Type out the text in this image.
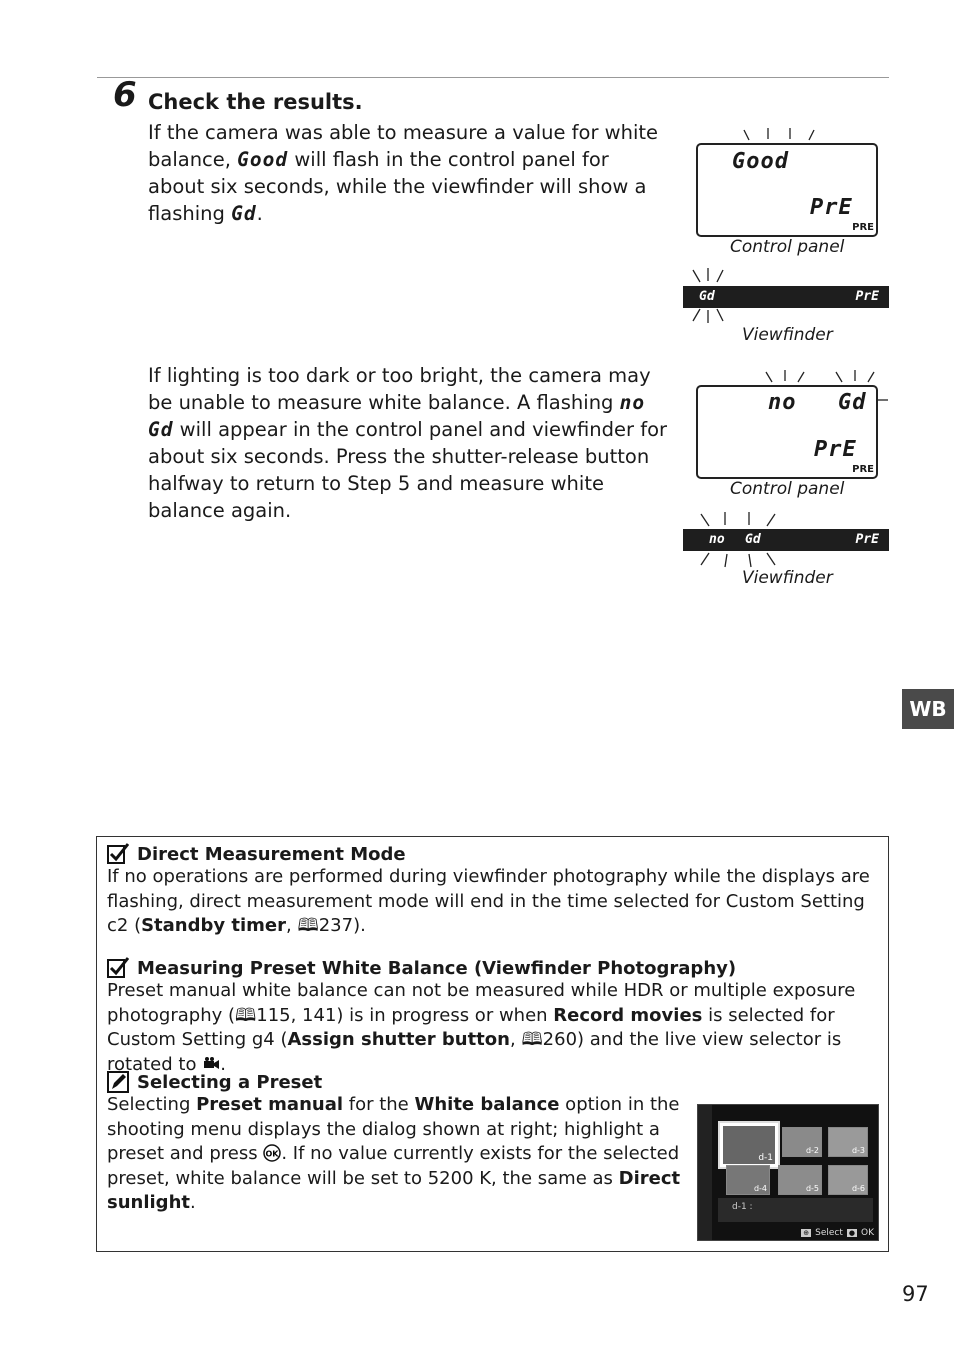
6 Check the results.
If the camera was able to measure a value for white balance, Good will flash in the control panel for about six seconds, while the viewfinder will show a flashing Gd.
If lighting is too dark or too bright, the camera may be unable to measure white balance. A flashing no Gd will appear in the control panel and viewfinder for about six seconds. Press the shutter-release button halfway to return to Step 5 and measure white balance again.
Good
PrE
PRE
Control panel
Gd	PrE
Viewfinder
no Gd
PrE
PRE
Control panel
no Gd	PrE
Viewfinder
WB
Direct Measurement Mode
If no operations are performed during viewfinder photography while the displays are flashing, direct measurement mode will end in the time selected for Custom Setting c2 (Standby timer, 🕮237).
Measuring Preset White Balance (Viewfinder Photography)
Preset manual white balance can not be measured while HDR or multiple exposure photography (🕮115, 141) is in progress or when Record movies is selected for Custom Setting g4 (Assign shutter button, 🕮260) and the live view selector is rotated to .
Selecting a Preset
Selecting Preset manual for the White balance option in the shooting menu displays the dialog shown at right; highlight a preset and press OK . If no value currently exists for the selected preset, white balance will be set to 5200 K, the same as Direct sunlight.
d-1
d-2	d-3
d-4	d-5	d-6
d-1 :
⊕ Select ● OK
97
